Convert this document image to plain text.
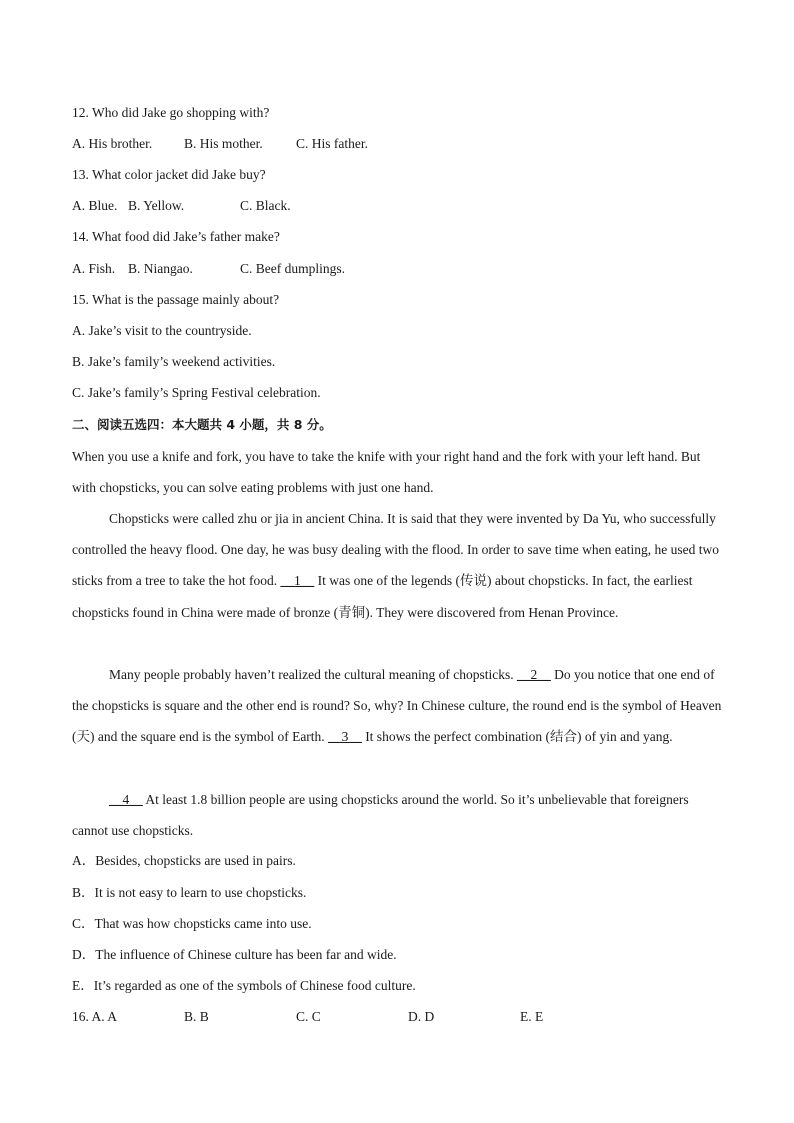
12. Who did Jake go shopping with?
A. His brother. B. His mother. C. His father.
13. What color jacket did Jake buy?
A. Blue. B. Yellow.	C. Black.
14. What food did Jake’s father make?
A. Fish. B. Niangao.	C. Beef dumplings.
15. What is the passage mainly about?
A. Jake’s visit to the countryside.
B. Jake’s family’s weekend activities.
C. Jake’s family’s Spring Festival celebration.
二、阅读五选四：本大题共 4 小题，共 8 分。
When you use a knife and fork, you have to take the knife with your right hand and the fork with your left hand. But with chopsticks, you can solve eating problems with just one hand.
Chopsticks were called zhu or jia in ancient China. It is said that they were invented by Da Yu, who successfully controlled the heavy flood. One day, he was busy dealing with the flood. In order to save time when eating, he used two sticks from a tree to take the hot food. __1__ It was one of the legends (传说) about chopsticks. In fact, the earliest chopsticks found in China were made of bronze (青铜). They were discovered from Henan Province.
Many people probably haven’t realized the cultural meaning of chopsticks. __2__ Do you notice that one end of the chopsticks is square and the other end is round? So, why? In Chinese culture, the round end is the symbol of Heaven (天) and the square end is the symbol of Earth. __3__ It shows the perfect combination (结合) of yin and yang.
__4__ At least 1.8 billion people are using chopsticks around the world. So it’s unbelievable that foreigners cannot use chopsticks.
A．Besides, chopsticks are used in pairs.
B．It is not easy to learn to use chopsticks.
C．That was how chopsticks came into use.
D．The influence of Chinese culture has been far and wide.
E．It’s regarded as one of the symbols of Chinese food culture.
16. A. A	B. B	C. C	D. D	E. E
